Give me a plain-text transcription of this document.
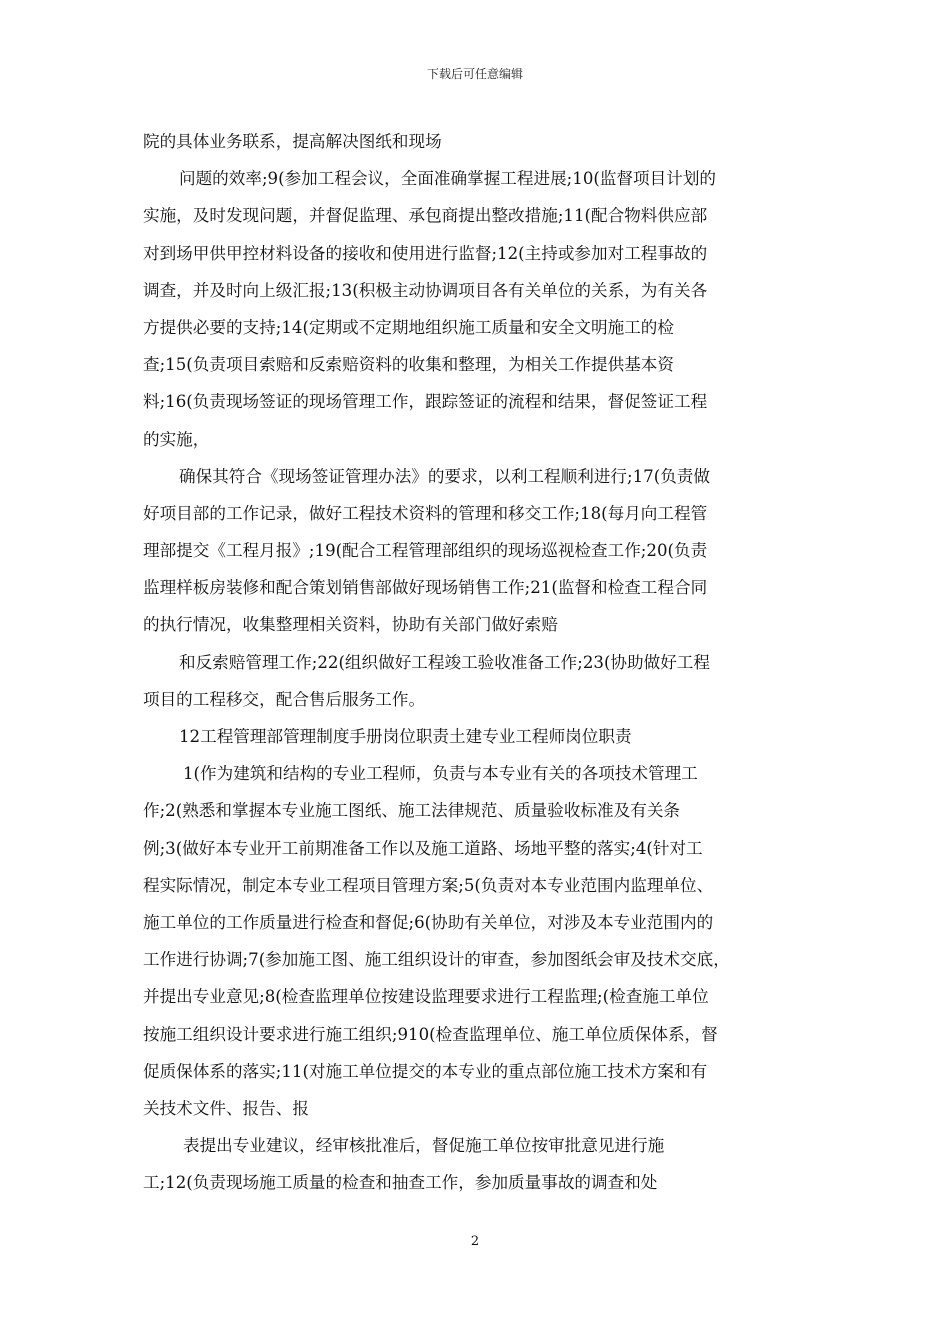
下载后可任意编辑
院的具体业务联系，提高解决图纸和现场
问题的效率;9(参加工程会议，全面准确掌握工程进展;10(监督项目计划的
实施，及时发现问题，并督促监理、承包商提出整改措施;11(配合物料供应部
对到场甲供甲控材料设备的接收和使用进行监督;12(主持或参加对工程事故的
调查，并及时向上级汇报;13(积极主动协调项目各有关单位的关系，为有关各
方提供必要的支持;14(定期或不定期地组织施工质量和安全文明施工的检
查;15(负责项目索赔和反索赔资料的收集和整理，为相关工作提供基本资
料;16(负责现场签证的现场管理工作，跟踪签证的流程和结果，督促签证工程
的实施，
确保其符合《现场签证管理办法》的要求，以利工程顺利进行;17(负责做
好项目部的工作记录，做好工程技术资料的管理和移交工作;18(每月向工程管
理部提交《工程月报》;19(配合工程管理部组织的现场巡视检查工作;20(负责
监理样板房装修和配合策划销售部做好现场销售工作;21(监督和检查工程合同
的执行情况，收集整理相关资料，协助有关部门做好索赔
和反索赔管理工作;22(组织做好工程竣工验收准备工作;23(协助做好工程
项目的工程移交，配合售后服务工作。
12工程管理部管理制度手册岗位职责土建专业工程师岗位职责
1(作为建筑和结构的专业工程师，负责与本专业有关的各项技术管理工
作;2(熟悉和掌握本专业施工图纸、施工法律规范、质量验收标准及有关条
例;3(做好本专业开工前期准备工作以及施工道路、场地平整的落实;4(针对工
程实际情况，制定本专业工程项目管理方案;5(负责对本专业范围内监理单位、
施工单位的工作质量进行检查和督促;6(协助有关单位，对涉及本专业范围内的
工作进行协调;7(参加施工图、施工组织设计的审查，参加图纸会审及技术交底，
并提出专业意见;8(检查监理单位按建设监理要求进行工程监理;(检查施工单位
按施工组织设计要求进行施工组织;910(检查监理单位、施工单位质保体系，督
促质保体系的落实;11(对施工单位提交的本专业的重点部位施工技术方案和有
关技术文件、报告、报
表提出专业建议，经审核批准后，督促施工单位按审批意见进行施
工;12(负责现场施工质量的检查和抽查工作，参加质量事故的调查和处
2
